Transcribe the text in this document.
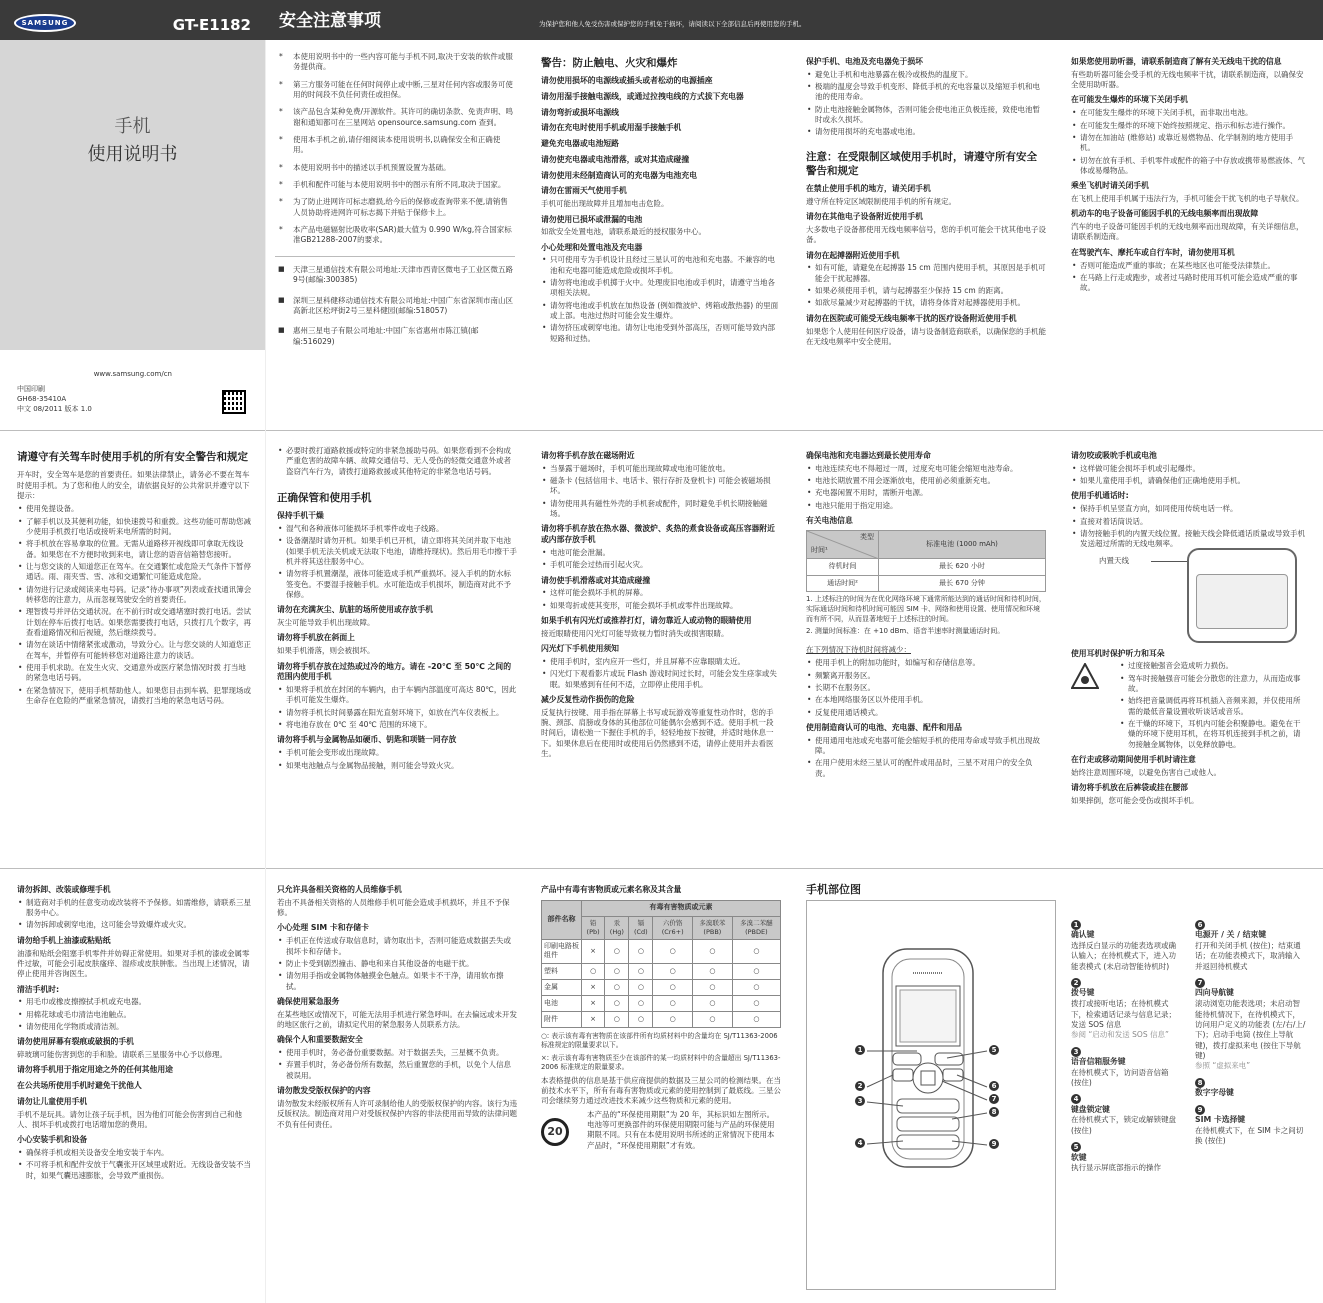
SAMSUNG	GT-E1182
手机
使用说明书
www.samsung.com/cn
中国印刷
GH68-35410A
中文 08/2011 版本 1.0
安全注意事项	为保护您和他人免受伤害或保护您的手机免于损坏，请阅读以下全部信息后再使用您的手机。
* 本使用说明书中的一些内容可能与手机不同,取决于安装的软件或服务提供商。
* 第三方服务可能在任何时间停止或中断,三星对任何内容或服务可使用的时间段不负任何责任或担保。
* 该产品包含某种免费/开源软件。其许可的确切条款、免责声明、鸣谢和通知都可在三星网站 opensource.samsung.com 查到。
* 使用本手机之前,请仔细阅读本使用说明书,以确保安全和正确使用。
* 本使用说明书中的描述以手机预置设置为基础。
* 手机和配件可能与本使用说明书中的图示有所不同,取决于国家。
* 为了防止进网许可标志磨损,给今后的保修或查询带来不便,请销售人员协助将进网许可标志揭下并贴于保修卡上。
* 本产品电磁辐射比吸收率(SAR)最大值为 0.990 W/kg,符合国家标准GB21288-2007的要求。
■ 天津三星通信技术有限公司地址:天津市西青区微电子工业区微五路9号(邮编:300385)
■ 深圳三星科健移动通信技术有限公司地址:中国广东省深圳市南山区高新北区松坪街2号三星科健园(邮编:518057)
■ 惠州三星电子有限公司地址:中国广东省惠州市陈江镇(邮编:516029)
警告：防止触电、火灾和爆炸
请勿使用损坏的电源线或插头或者松动的电源插座
请勿用湿手接触电源线，或通过拉拽电线的方式拔下充电器
请勿弯折或损坏电源线
请勿在充电时使用手机或用湿手接触手机
避免充电器或电池短路
请勿使充电器或电池滑落，或对其造成碰撞
请勿使用未经制造商认可的充电器为电池充电
请勿在雷雨天气使用手机

手机可能出现故障并且增加电击危险。

请勿使用已损坏或泄漏的电池

如欲安全处置电池，请联系最近的授权服务中心。

小心处理和处置电池及充电器
• 只可使用专为手机设计且经过三星认可的电池和充电器。不兼容的电池和充电器可能造成危险或损坏手机。
• 请勿将电池或手机掷于火中。处理废旧电池或手机时，请遵守当地各项相关法规。
• 请勿将电池或手机放在加热设备 (例如微波炉、烤箱或散热器) 的里面或上部。电池过热时可能会发生爆炸。
• 请勿挤压或刺穿电池。请勿让电池受到外部高压，否则可能导致内部短路和过热。
保护手机、电池及充电器免于损坏
• 避免让手机和电池暴露在极冷或极热的温度下。
• 极端的温度会导致手机变形、降低手机的充电容量以及缩短手机和电池的使用寿命。
• 防止电池接触金属物体，否则可能会使电池正负极连接，致使电池暂时或永久损坏。
• 请勿使用损坏的充电器或电池。
注意：在受限制区域使用手机时，请遵守所有安全警告和规定
在禁止使用手机的地方，请关闭手机

遵守所在特定区域限制使用手机的所有规定。

请勿在其他电子设备附近使用手机

大多数电子设备都使用无线电频率信号，您的手机可能会干扰其他电子设备。

请勿在起搏器附近使用手机
• 如有可能，请避免在起搏器 15 cm 范围内使用手机，其原因是手机可能会干扰起搏器。
• 如果必须使用手机，请与起搏器至少保持 15 cm 的距离。
• 如欲尽量减少对起搏器的干扰，请将身体背对起搏器使用手机。
请勿在医院或可能受无线电频率干扰的医疗设备附近使用手机

如果您个人使用任何医疗设备，请与设备制造商联系，以确保您的手机能在无线电频率中安全使用。

如果您使用助听器，请联系制造商了解有关无线电干扰的信息

有些助听器可能会受手机的无线电频率干扰，请联系制造商，以确保安全使用助听器。

在可能发生爆炸的环境下关闭手机
• 在可能发生爆炸的环境下关闭手机，而非取出电池。
• 在可能发生爆炸的环境下始终按照规定、指示和标志进行操作。
• 请勿在加油站 (维修站) 或靠近易燃物品、化学制剂的地方使用手机。
• 切勿在放有手机、手机零件或配件的箱子中存放或携带易燃液体、气体或易爆物品。
乘坐飞机时请关闭手机

在飞机上使用手机属于违法行为，手机可能会干扰飞机的电子导航仪。

机动车的电子设备可能因手机的无线电频率而出现故障

汽车的电子设备可能因手机的无线电频率而出现故障，有关详细信息，请联系制造商。

在驾驶汽车、摩托车或自行车时，请勿使用耳机
• 否则可能造成严重的事故；在某些地区也可能受法律禁止。
• 在马路上行走或跑步，或者过马路时使用耳机可能会造成严重的事故。
请遵守有关驾车时使用手机的所有安全警告和规定

开车时，安全驾车是您的首要责任。如果法律禁止，请务必不要在驾车时使用手机。为了您和他人的安全，请依据良好的公共常识并遵守以下提示：

• 使用免提设备。
• 了解手机以及其便利功能，如快速拨号和重拨。这些功能可帮助您减少使用手机拨打电话或接听来电所需的时间。
• 将手机放在容易拿取的位置。无需从道路移开视线即可拿取无线设备。如果您在不方便时收到来电，请让您的语音信箱替您接听。
• 让与您交谈的人知道您正在驾车。在交通繁忙或危险天气条件下暂停通话。雨、雨夹雪、雪、冰和交通繁忙可能造成危险。
• 请勿进行记录或阅读来电号码。记录“待办事项”列表或查找通讯簿会转移您的注意力，从而忽视驾驶安全的首要责任。
• 理智拨号并评估交通状况。在不前行时或交通堵塞时拨打电话。尝试计划在停车后拨打电话。如果您需要拨打电话，只拨打几个数字，再查看道路情况和后视镜，然后继续拨号。
• 请勿在谈话中情绪紧张或激动，导致分心。让与您交谈的人知道您正在驾车，并暂停有可能转移您对道路注意力的谈话。
• 使用手机求助。在发生火灾、交通意外或医疗紧急情况时拨 打当地的紧急电话号码。
• 在紧急情况下，使用手机帮助他人。如果您目击到车祸、犯罪现场或生命存在危险的严重紧急情况，请拨打当地的紧急电话号码。
• 必要时拨打道路救援或特定的非紧急援助号码。如果您看到不会构成严重危害的故障车辆、故障交通信号、无人受伤的轻微交通意外或者盗窃汽车行为，请拨打道路救援或其他特定的非紧急电话号码。
正确保管和使用手机
保持手机干燥
• 湿气和各种液体可能损坏手机零件或电子线路。
• 设备潮湿时请勿开机。如果手机已开机，请立即将其关闭并取下电池 (如果手机无法关机或无法取下电池，请维持现状)。然后用毛巾擦干手机并将其送往服务中心。
• 请勿将手机置潮湿，液体可能造成手机严重损坏。浸入手机的防水标签变色。不要湿手接触手机。水可能造成手机损坏，制造商对此不予保修。
请勿在充满灰尘、肮脏的场所使用或存放手机

灰尘可能导致手机出现故障。

请勿将手机放在斜面上

如果手机滑落，则会被损坏。

请勿将手机存放在过热或过冷的地方。请在 -20℃ 至 50℃ 之间的范围内使用手机
• 如果将手机放在封闭的车辆内，由于车辆内部温度可高达 80℃，因此手机可能发生爆炸。
• 请勿将手机长时间暴露在阳光直射环境下，如放在汽车仪表板上。
• 将电池存放在 0℃ 至 40℃ 范围的环境下。
请勿将手机与金属物品如硬币、钥匙和项链一同存放
• 手机可能会变形或出现故障。
• 如果电池触点与金属物品接触，则可能会导致火灾。
请勿将手机存放在磁场附近
• 当暴露于磁场时，手机可能出现故障或电池可能放电。
• 磁条卡 (包括信用卡、电话卡、银行存折及登机卡) 可能会被磁场损坏。
• 请勿使用具有磁性外壳的手机套或配件，同时避免手机长期接触磁场。
请勿将手机存放在热水器、微波炉、炙热的煮食设备或高压容器附近或内部存放手机
• 电池可能会泄漏。
• 手机可能会过热而引起火灾。
请勿使手机滑落或对其造成碰撞
• 这样可能会损坏手机的屏幕。
• 如果弯折或使其变形，可能会损坏手机或零件出现故障。
如果手机有闪光灯或推荐打灯，请勿靠近人或动物的眼睛使用

接近眼睛使用闪光灯可能导致视力暂时消失或损害眼睛。

闪光灯下手机使用须知
• 使用手机时，室内应开一些灯，并且屏幕不应靠眼睛太近。
• 闪光灯下观看影片或玩 Flash 游戏时间过长时，可能会发生痉挛或失眠。如果感到有任何不适，立即停止使用手机。
减少反复性动作损伤的危险

反复执行按键、用手指在屏幕上书写或玩游戏等重复性动作时，您的手腕、颈部、肩膀或身体的其他部位可能偶尔会感到不适。使用手机一段时间后，请松弛一下握住手机的手，轻轻地按下按键，并适时地休息一下。如果休息后在使用时或使用后仍然感到不适，请停止使用并去看医生。

确保电池和充电器达到最长使用寿命
• 电池连续充电不得超过一周，过度充电可能会缩短电池寿命。
• 电池长期放置不用会逐渐放电，使用前必须重新充电。
• 充电器闲置不用时，需断开电源。
• 电池只能用于指定用途。
有关电池信息
类型
时间¹	标准电池 (1000 mAh)
待机时间	最长 620 小时
通话时间²	最长 670 分钟

1. 上述标注的时间为在优化网络环境下通常所能达到的通话时间和待机时间，实际通话时间和待机时间可能因 SIM 卡、网络和使用设置、使用情况和环境而有所不同，从而显著地短于上述标注的时间。

2. 测量时间标准：在 +10 dBm、语音半速率时测量通话时间。

在下列情况下待机时间将减少：

• 使用手机上的附加功能时，如编写和存储信息等。
• 频繁离开服务区。
• 长期不在服务区。
• 在本地网络服务区以外使用手机。
• 反复使用通话模式。
使用制造商认可的电池、充电器、配件和用品
• 使用通用电池或充电器可能会缩短手机的使用寿命或导致手机出现故障。
• 在用户使用未经三星认可的配件或用品时，三星不对用户的安全负责。
请勿咬或吸吮手机或电池
• 这样做可能会损坏手机或引起爆炸。
• 如果儿童使用手机，请确保他们正确地使用手机。
使用手机通话时:
• 保持手机呈竖直方向，如同使用传统电话一样。
• 直接对着话筒说话。
• 请勿接触手机的内置天线位置。接触天线会降低通话质量或导致手机发送超过所需的无线电频率。
内置天线
使用耳机时保护听力和耳朵
• 过度接触强音会造成听力损伤。
• 驾车时接触强音可能会分散您的注意力，从而造成事故。
• 始终把音量调低再将耳机插入音频来源，并仅使用所需的最低音量设置收听谈话或音乐。
• 在干燥的环境下，耳机内可能会积聚静电。避免在干燥的环境下使用耳机，在将耳机连接到手机之前，请勿接触金属物体，以免释放静电。
在行走或移动期间使用手机时请注意

始终注意周围环境，以避免伤害自己或他人。

请勿将手机放在后裤袋或挂在腰部

如果摔倒，您可能会受伤或损坏手机。

请勿拆卸、改装或修理手机
• 制造商对手机的任意变动或改装将不予保修。如需维修，请联系三星服务中心。
• 请勿拆卸或刺穿电池，这可能会导致爆炸或火灾。
请勿给手机上油漆或粘贴纸

油漆和贴纸会阻塞手机零件并妨碍正常使用。如果对手机的漆或金属零件过敏，可能会引起皮肤瘙痒、湿疹或皮肤肿胀。当出现上述情况，请停止使用并咨询医生。

清洁手机时:
• 用毛巾或橡皮擦擦拭手机或充电器。
• 用棉花球或毛巾清洁电池触点。
• 请勿使用化学物质或清洁剂。
请勿使用屏幕有裂痕或破损的手机

碎玻璃可能伤害到您的手和脸。请联系三星服务中心予以修理。

请勿将手机用于指定用途之外的任何其他用途
在公共场所使用手机时避免干扰他人
请勿让儿童使用手机

手机不是玩具。请勿让孩子玩手机，因为他们可能会伤害到自己和他人、损坏手机或拨打电话增加您的费用。

小心安装手机和设备
• 确保将手机或相关设备安全地安装于车内。
• 不可将手机和配件安放于气囊张开区域里或附近。无线设备安装不当时，如果气囊迅速膨胀，会导致严重损伤。
只允许具备相关资格的人员维修手机

若由不具备相关资格的人员维修手机可能会造成手机损坏，并且不予保修。

小心处理 SIM 卡和存储卡
• 手机正在传送或存取信息时，请勿取出卡，否则可能造成数据丢失或损坏卡和存储卡。
• 防止卡受到剧烈撞击、静电和来自其他设备的电磁干扰。
• 请勿用手指或金属物体触摸金色触点。如果卡不干净，请用软布擦拭。
确保使用紧急服务

在某些地区或情况下，可能无法用手机进行紧急呼叫。在去偏远或未开发的地区旅行之前，请拟定代用的紧急服务人员联系方法。

确保个人和重要数据安全
• 使用手机时，务必备份重要数据。对于数据丢失，三星概不负责。
• 弃置手机时，务必备份所有数据，然后重置您的手机，以免个人信息被误用。
请勿散发受版权保护的内容

请勿散发未经版权所有人许可录制给他人的受版权保护的内容。该行为违反版权法。制造商对用户对受版权保护内容的非法使用而导致的法律问题不负有任何责任。

产品中有毒有害物质或元素名称及其含量
部件名称	有毒有害物质或元素					
	铅 (Pb)	汞 (Hg)	镉 (Cd)	六价铬 (Cr6+)	多溴联苯 (PBB)	多溴二苯醚 (PBDE)
印刷电路板组件	×	○	○	○	○	○
塑料	○	○	○	○	○	○
金属	×	○	○	○	○	○
电池	×	○	○	○	○	○
附件	×	○	○	○	○	○

○: 表示该有毒有害物质在该部件所有均质材料中的含量均在 SJ/T11363-2006 标准规定的限量要求以下。

×: 表示该有毒有害物质至少在该部件的某一均质材料中的含量超出 SJ/T11363-2006 标准规定的限量要求。

本表格提供的信息是基于供应商提供的数据及三星公司的检测结果。在当前技术水平下，所有有毒有害物质或元素的使用控制到了最底线。三星公司会继续努力通过改进技术来减少这些物质和元素的使用。

20

本产品的“环保使用期限”为 20 年，其标识如左图所示。电池等可更换部件的环保使用期限可能与产品的环保使用期限不同。只有在本使用说明书所述的正常情况下使用本产品时，“环保使用期限”才有效。

手机部位图
1
2
3
4
5
6
7
8
9
1
确认键
选择反白显示的功能表选项或确认输入；在待机模式下，进入功能表模式 (未启动智能待机时)
2
拨号键
拨打或接听电话；在待机模式下，检索通话记录与信息记录；发送 SOS 信息
参阅 “启动和发送 SOS 信息”
3
语音信箱服务键
在待机模式下，访问语音信箱 (按住)
4
键盘锁定键
在待机模式下，锁定或解锁键盘 (按住)
5
软键
执行显示屏底部指示的操作
6
电源开 / 关 / 结束键
打开和关闭手机 (按住)；结束通话；在功能表模式下，取消输入并返回待机模式
7
四向导航键
滚动浏览功能表选项；未启动智能待机情况下，在待机模式下，访问用户定义的功能表 (左/右/上/下)；启动手电筒 (按住上导航键)，拨打虚拟来电 (按住下导航键)
参照 “虚拟来电”
8
数字字母键
9
SIM 卡选择键
在待机模式下，在 SIM 卡之间切换 (按住)
